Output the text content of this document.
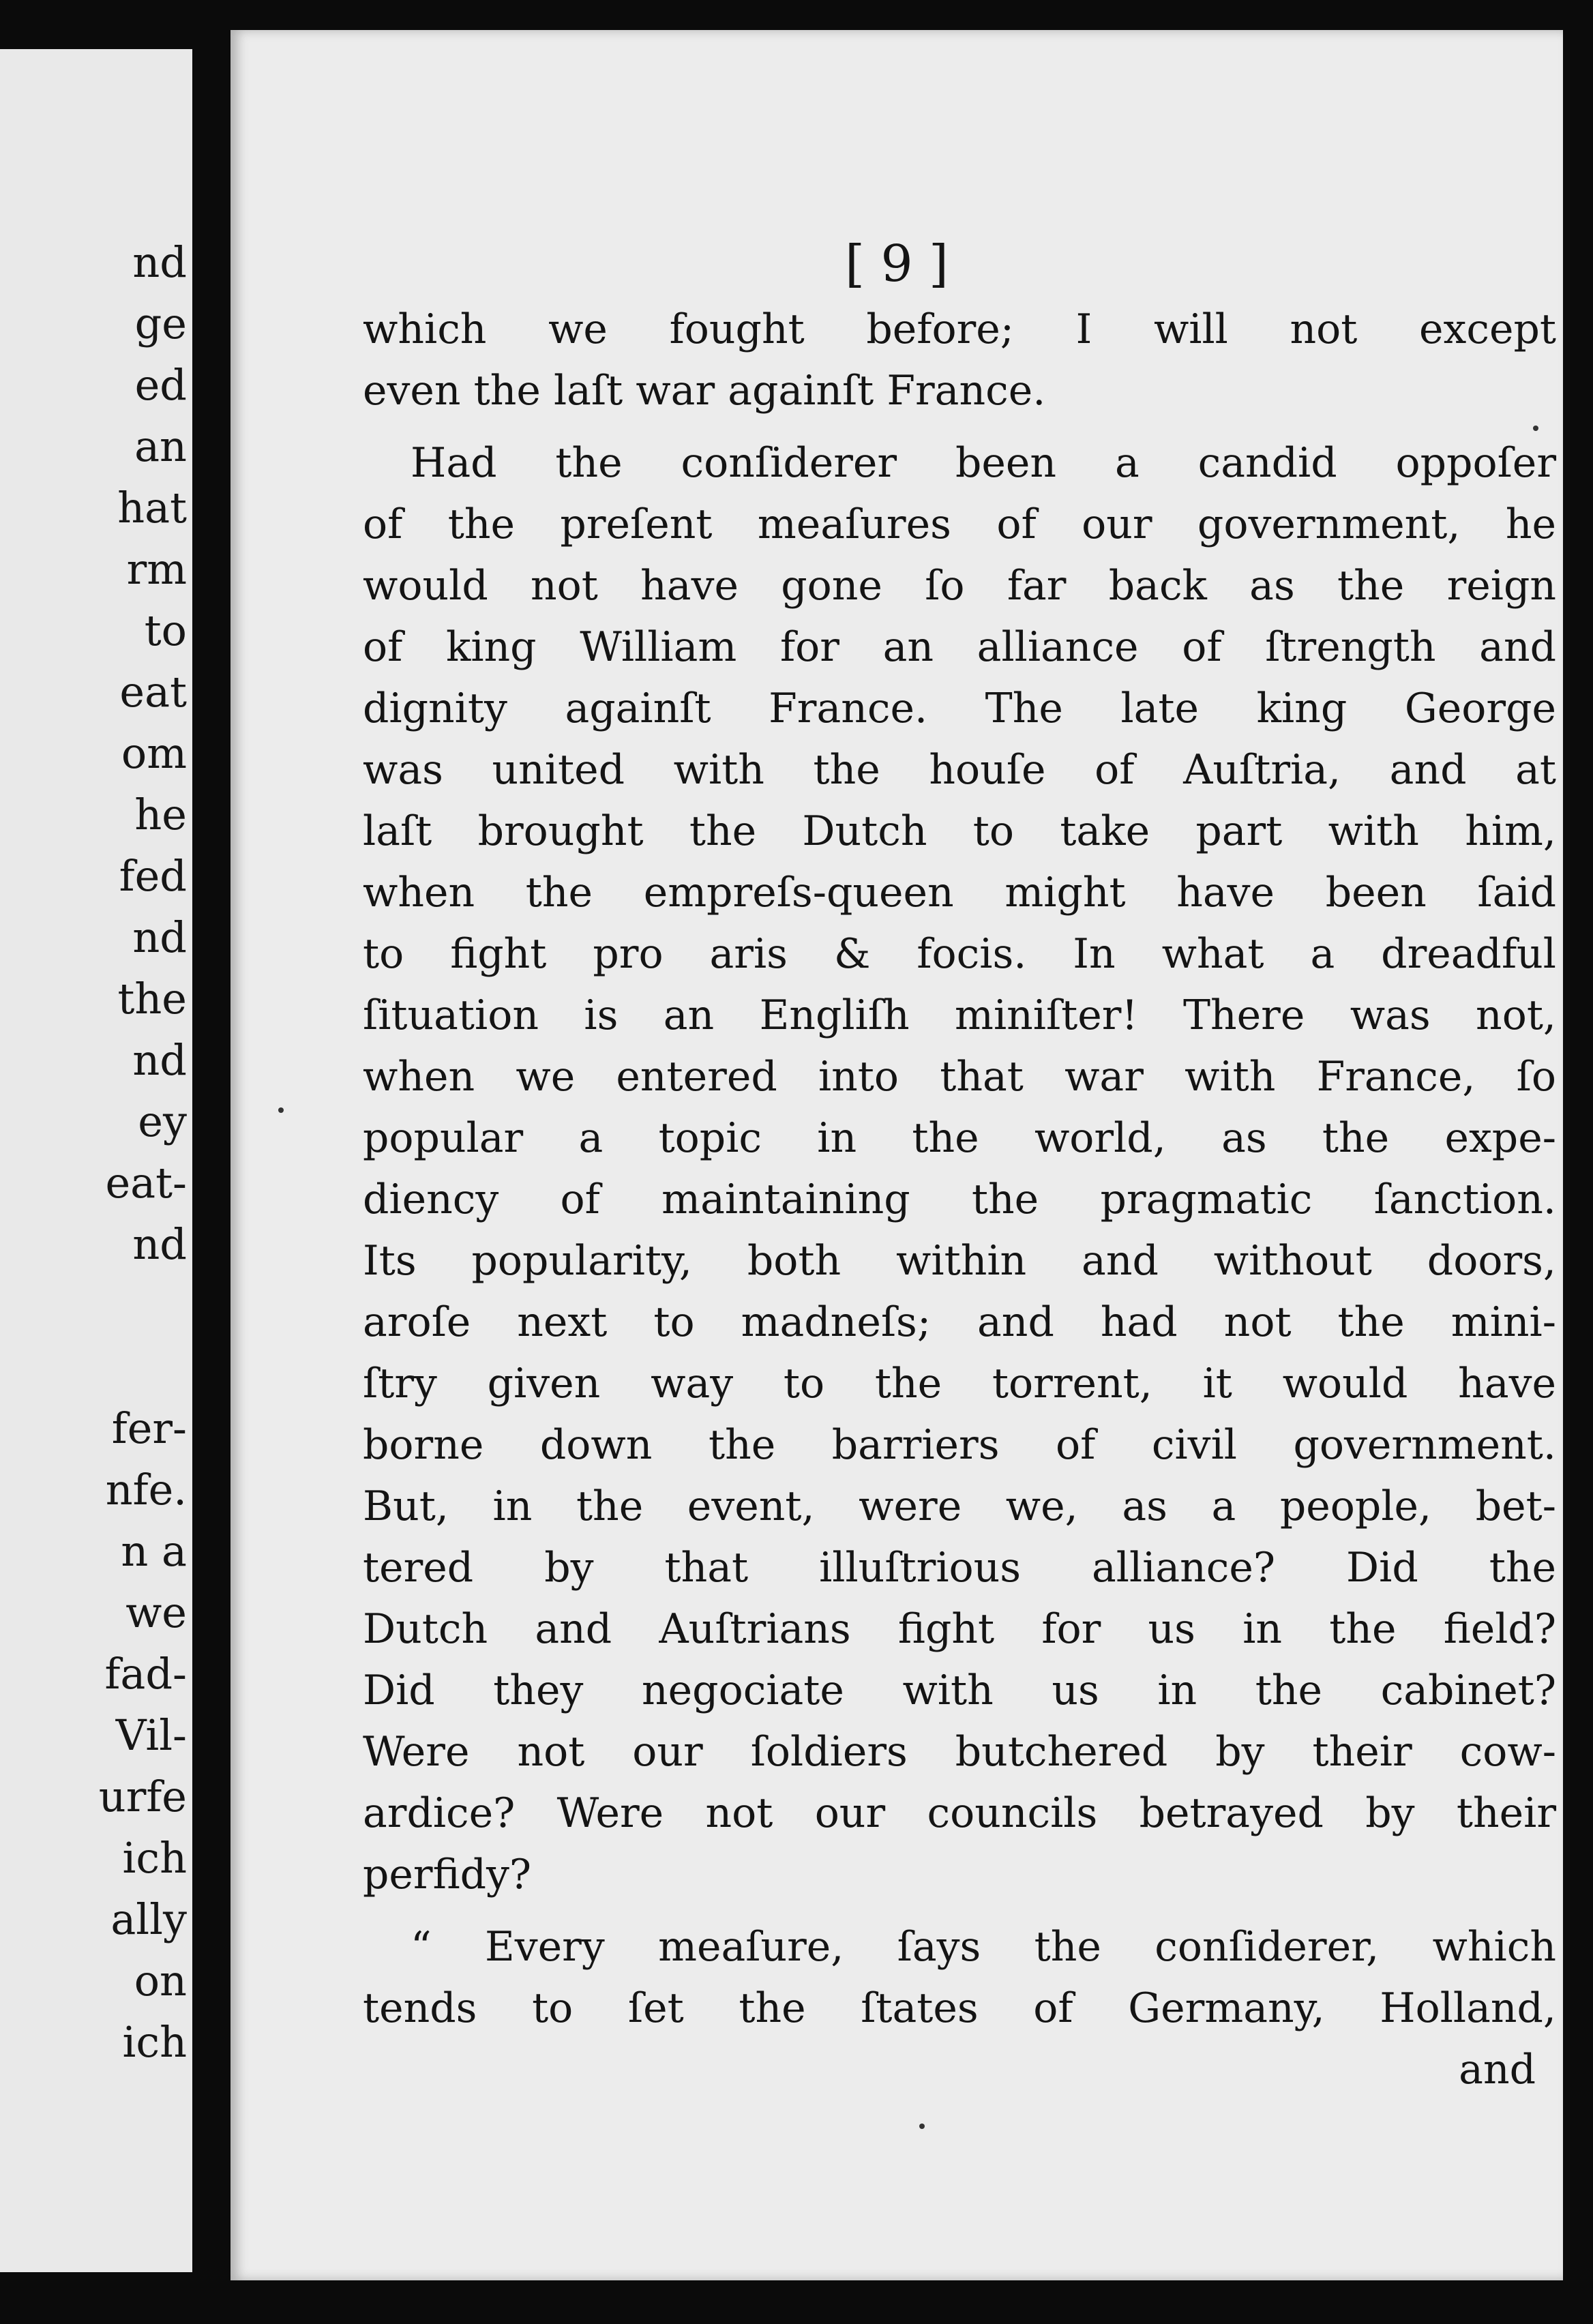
nd
ge
ed
an
hat
rm
to
eat
om
he
fed
nd
the
nd
ey
eat-
nd
fer-
nfe.
n a
we
fad-
Vil-
urfe
ich
ally
on
ich
[ 9 ]
which we fought before; I will not except
even the laſt war againſt France.
Had the conſiderer been a candid oppoſer
of the preſent meaſures of our government, he
would not have gone ſo far back as the reign
of king William for an alliance of ſtrength and
dignity againſt France. The late king George
was united with the houſe of Auſtria, and at
laſt brought the Dutch to take part with him,
when the empreſs-queen might have been ſaid
to fight pro aris & focis. In what a dreadful
ſituation is an Engliſh miniſter! There was not,
when we entered into that war with France, ſo
popular a topic in the world, as the expe-
diency of maintaining the pragmatic ſanction.
Its popularity, both within and without doors,
aroſe next to madneſs; and had not the mini-
ſtry given way to the torrent, it would have
borne down the barriers of civil government.
But, in the event, were we, as a people, bet-
tered by that illuſtrious alliance? Did the
Dutch and Auſtrians fight for us in the field?
Did they negociate with us in the cabinet?
Were not our ſoldiers butchered by their cow-
ardice? Were not our councils betrayed by their
perfidy?
“ Every meaſure, ſays the conſiderer, which
tends to ſet the ſtates of Germany, Holland,
and
